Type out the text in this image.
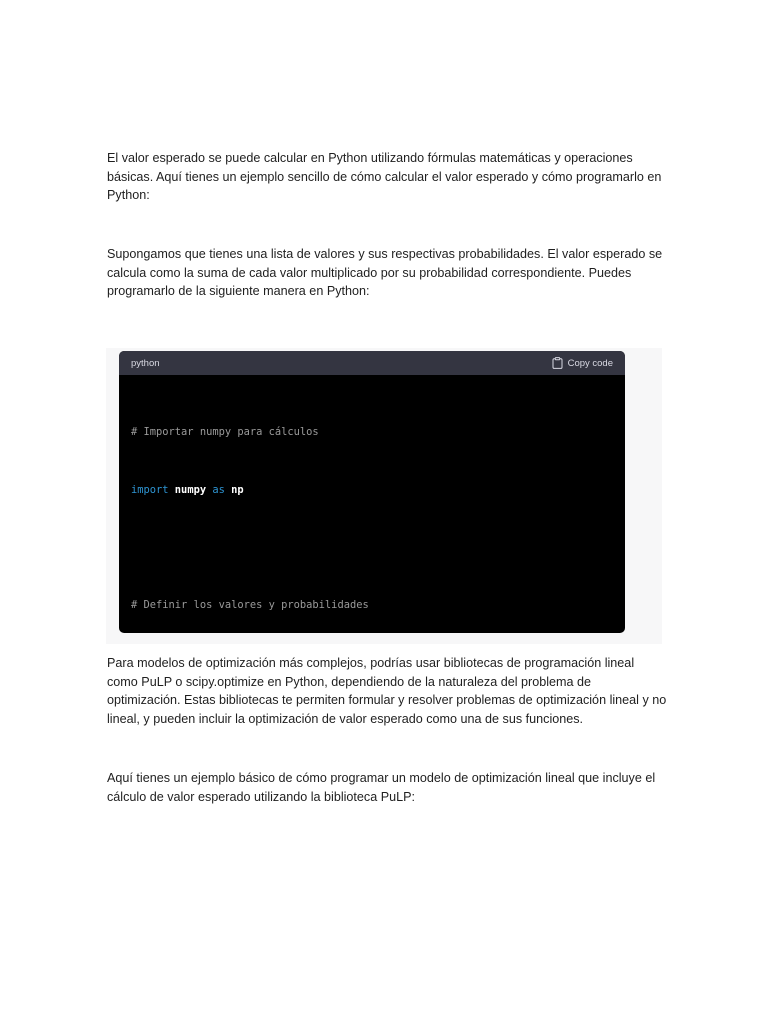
El valor esperado se puede calcular en Python utilizando fórmulas matemáticas y operaciones básicas. Aquí tienes un ejemplo sencillo de cómo calcular el valor esperado y cómo programarlo en Python:

Supongamos que tienes una lista de valores y sus respectivas probabilidades. El valor esperado se calcula como la suma de cada valor multiplicado por su probabilidad correspondiente. Puedes programarlo de la siguiente manera en Python:

python	Copy code

# Importar numpy para cálculos

import numpy as np

# Definir los valores y probabilidades

Para modelos de optimización más complejos, podrías usar bibliotecas de programación lineal como PuLP o scipy.optimize en Python, dependiendo de la naturaleza del problema de optimización. Estas bibliotecas te permiten formular y resolver problemas de optimización lineal y no lineal, y pueden incluir la optimización de valor esperado como una de sus funciones.

Aquí tienes un ejemplo básico de cómo programar un modelo de optimización lineal que incluye el cálculo de valor esperado utilizando la biblioteca PuLP:
